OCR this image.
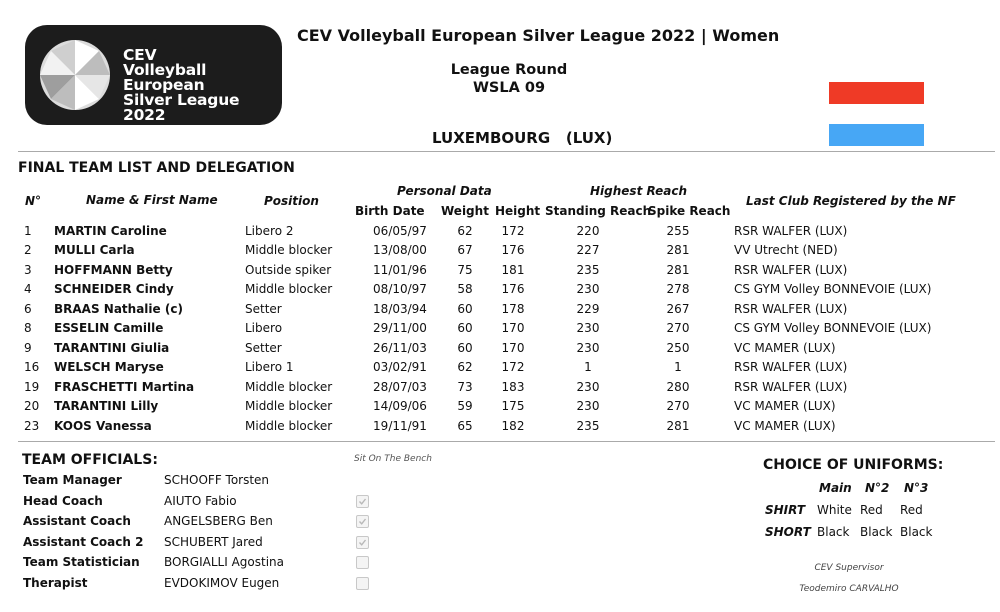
CEV
Volleyball European
Silver League
2022
CEV Volleyball European Silver League 2022 | Women
League Round
WSLA 09
LUXEMBOURG   (LUX)
FINAL TEAM LIST AND DELEGATION
N°	Name & First Name	Position
Personal Data
Birth Date Weight Height
Highest Reach
Standing Reach
Spike Reach
Last Club Registered by the NF
1	MARTIN Caroline	Libero 2	06/05/97	62	172	220	255	RSR WALFER (LUX)
2	MULLI Carla	Middle blocker	13/08/00	67	176	227	281	VV Utrecht (NED)
3	HOFFMANN Betty	Outside spiker	11/01/96	75	181	235	281	RSR WALFER (LUX)
4	SCHNEIDER Cindy	Middle blocker	08/10/97	58	176	230	278	CS GYM Volley BONNEVOIE (LUX)
6	BRAAS Nathalie (c)	Setter	18/03/94	60	178	229	267	RSR WALFER (LUX)
8	ESSELIN Camille	Libero	29/11/00	60	170	230	270	CS GYM Volley BONNEVOIE (LUX)
9	TARANTINI Giulia	Setter	26/11/03	60	170	230	250	VC MAMER (LUX)
16	WELSCH Maryse	Libero 1	03/02/91	62	172	1	1	RSR WALFER (LUX)
19	FRASCHETTI Martina	Middle blocker	28/07/03	73	183	230	280	RSR WALFER (LUX)
20	TARANTINI Lilly	Middle blocker	14/09/06	59	175	230	270	VC MAMER (LUX)
23	KOOS Vanessa	Middle blocker	19/11/91	65	182	235	281	VC MAMER (LUX)
TEAM OFFICIALS:	Sit On The Bench
Team Manager	SCHOOFF Torsten
Head Coach	AIUTO Fabio
Assistant Coach	ANGELSBERG Ben
Assistant Coach 2	SCHUBERT Jared
Team Statistician	BORGIALLI Agostina
Therapist	EVDOKIMOV Eugen
CHOICE OF UNIFORMS:
Main N°2 N°3
SHIRT White Red Red
SHORT Black Black Black
CEV Supervisor
Teodemiro CARVALHO
